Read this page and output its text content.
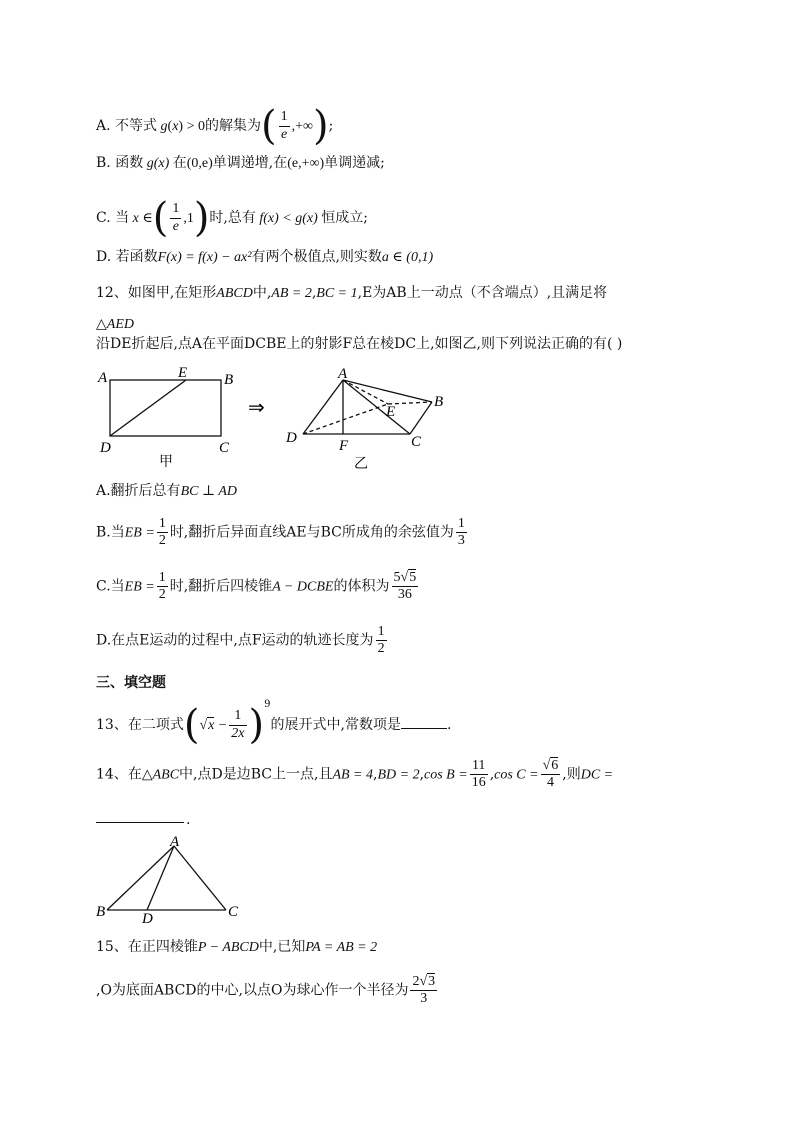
A. 不等式 g(x) > 0的解集为( $\frac{1}{e}$ ,+∞);
B. 函数 g(x) 在(0,e)单调递增,在(e,+∞)单调递减;
C. 当 x ∈( $\frac{1}{e} ,1$)时,总有 f(x) < g(x) 恒成立;
D. 若函数F(x) = f(x) − ax²有两个极值点,则实数a ∈ (0,1)
12、如图甲,在矩形ABCD中,AB = 2,BC = 1,E为AB上一动点（不含端点）,且满足将
△AED
沿DE折起后,点A在平面DCBE上的射影F总在棱DC上,如图乙,则下列说法正确的有( )
A	E B
D	C
甲
⇒
A
E
B
D	F	C
乙
A.翻折后总有BC ⊥ AD
B.当EB = $\frac{1}{2}$ 时,翻折后异面直线AE与BC所成角的余弦值为 $\frac{1}{3}$
C.当EB = $\frac{1}{2}$ 时,翻折后四棱锥A − DCBE的体积为 $\frac{5√5}{36}$
D.在点E运动的过程中,点F运动的轨迹长度为 $\frac{1}{2}$
三、填空题
13、在二项式$(√x - \frac{1}{2x} )^9$的展开式中,常数项是	.
14、在△ABC中,点D是边BC上一点,且AB = 4,BD = 2,cos $B = \frac{11}{16} ,\cos$ $C = \frac{√6}{4}$ ,则DC =
.
A
B D	C
15、在正四棱锥P − ABCD中,已知PA = AB = 2
,O为底面ABCD的中心,以点O为球心作一个半径为 $\frac{2√3}{3}$
